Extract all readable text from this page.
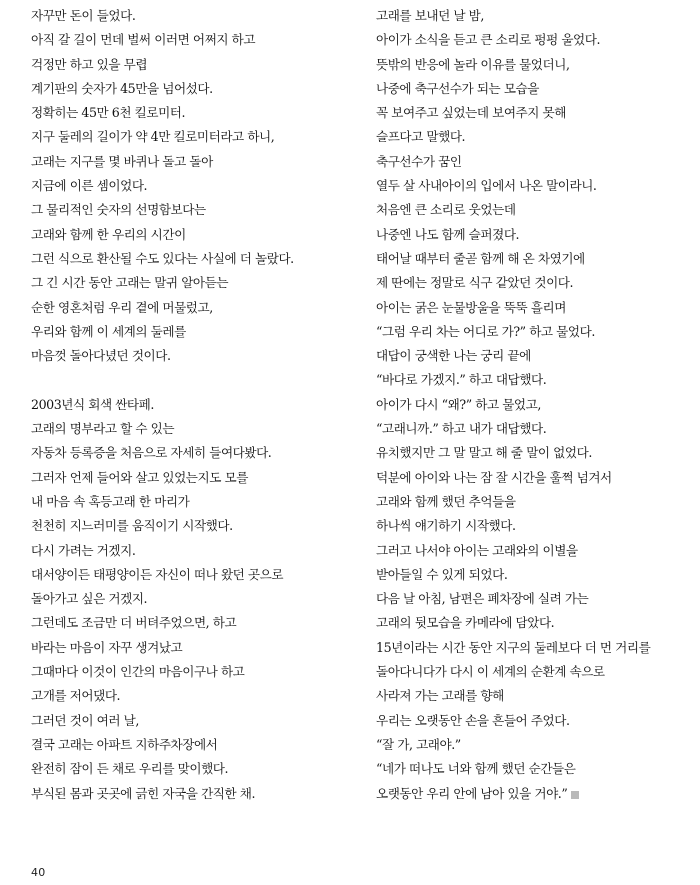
자꾸만 돈이 들었다.
아직 갈 길이 먼데 벌써 이러면 어쩌지 하고
걱정만 하고 있을 무렵
계기판의 숫자가 45만을 넘어섰다.
정확히는 45만 6천 킬로미터.
지구 둘레의 길이가 약 4만 킬로미터라고 하니,
고래는 지구를 몇 바퀴나 돌고 돌아
지금에 이른 셈이었다.
그 물리적인 숫자의 선명함보다는
고래와 함께 한 우리의 시간이
그런 식으로 환산될 수도 있다는 사실에 더 놀랐다.
그 긴 시간 동안 고래는 말귀 알아듣는
순한 영혼처럼 우리 곁에 머물렀고,
우리와 함께 이 세계의 둘레를
마음껏 돌아다녔던 것이다.
2003년식 회색 싼타페.
고래의 명부라고 할 수 있는
자동차 등록증을 처음으로 자세히 들여다봤다.
그러자 언제 들어와 살고 있었는지도 모를
내 마음 속 혹등고래 한 마리가
천천히 지느러미를 움직이기 시작했다.
다시 가려는 거겠지.
대서양이든 태평양이든 자신이 떠나 왔던 곳으로
돌아가고 싶은 거겠지.
그런데도 조금만 더 버텨주었으면, 하고
바라는 마음이 자꾸 생겨났고
그때마다 이것이 인간의 마음이구나 하고
고개를 저어댔다.
그러던 것이 여러 날,
결국 고래는 아파트 지하주차장에서
완전히 잠이 든 채로 우리를 맞이했다.
부식된 몸과 곳곳에 긁힌 자국을 간직한 채.
고래를 보내던 날 밤,
아이가 소식을 듣고 큰 소리로 펑펑 울었다.
뜻밖의 반응에 놀라 이유를 물었더니,
나중에 축구선수가 되는 모습을
꼭 보여주고 싶었는데 보여주지 못해
슬프다고 말했다.
축구선수가 꿈인
열두 살 사내아이의 입에서 나온 말이라니.
처음엔 큰 소리로 웃었는데
나중엔 나도 함께 슬퍼졌다.
태어날 때부터 줄곧 함께 해 온 차였기에
제 딴에는 정말로 식구 같았던 것이다.
아이는 굵은 눈물방울을 뚝뚝 흘리며
“그럼 우리 차는 어디로 가?” 하고 물었다.
대답이 궁색한 나는 궁리 끝에
“바다로 가겠지.” 하고 대답했다.
아이가 다시 “왜?” 하고 물었고,
“고래니까.” 하고 내가 대답했다.
유치했지만 그 말 말고 해 줄 말이 없었다.
덕분에 아이와 나는 잠 잘 시간을 훌쩍 넘겨서
고래와 함께 했던 추억들을
하나씩 얘기하기 시작했다.
그러고 나서야 아이는 고래와의 이별을
받아들일 수 있게 되었다.
다음 날 아침, 남편은 폐차장에 실려 가는
고래의 뒷모습을 카메라에 담았다.
15년이라는 시간 동안 지구의 둘레보다 더 먼 거리를
돌아다니다가 다시 이 세계의 순환계 속으로
사라져 가는 고래를 향해
우리는 오랫동안 손을 흔들어 주었다.
“잘 가, 고래야.”
“네가 떠나도 너와 함께 했던 순간들은
오랫동안 우리 안에 남아 있을 거야.”
40
